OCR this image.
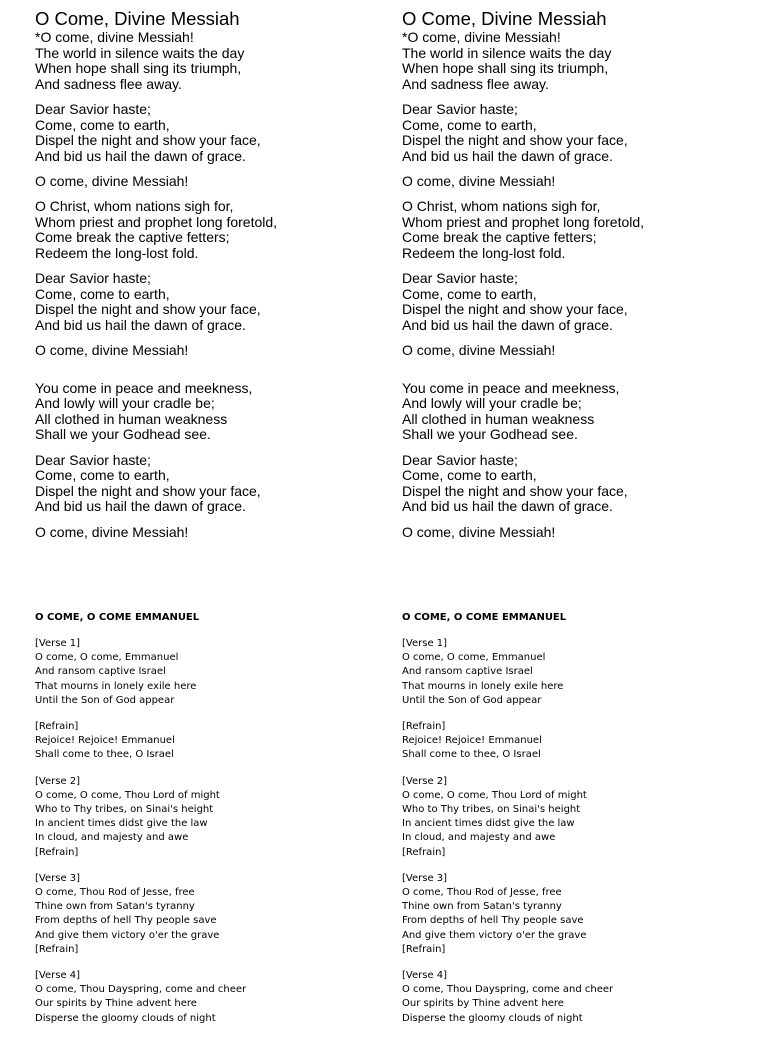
O Come, Divine Messiah
*O come, divine Messiah!
The world in silence waits the day
When hope shall sing its triumph,
And sadness flee away.
Dear Savior haste;
Come, come to earth,
Dispel the night and show your face,
And bid us hail the dawn of grace.
O come, divine Messiah!
O Christ, whom nations sigh for,
Whom priest and prophet long foretold,
Come break the captive fetters;
Redeem the long-lost fold.
Dear Savior haste;
Come, come to earth,
Dispel the night and show your face,
And bid us hail the dawn of grace.
O come, divine Messiah!
You come in peace and meekness,
And lowly will your cradle be;
All clothed in human weakness
Shall we your Godhead see.
Dear Savior haste;
Come, come to earth,
Dispel the night and show your face,
And bid us hail the dawn of grace.
O come, divine Messiah!
O COME, O COME EMMANUEL
[Verse 1]
O come, O come, Emmanuel
And ransom captive Israel
That mourns in lonely exile here
Until the Son of God appear
[Refrain]
Rejoice! Rejoice! Emmanuel
Shall come to thee, O Israel
[Verse 2]
O come, O come, Thou Lord of might
Who to Thy tribes, on Sinai's height
In ancient times didst give the law
In cloud, and majesty and awe
[Refrain]
[Verse 3]
O come, Thou Rod of Jesse, free
Thine own from Satan's tyranny
From depths of hell Thy people save
And give them victory o'er the grave
[Refrain]
[Verse 4]
O come, Thou Dayspring, come and cheer
Our spirits by Thine advent here
Disperse the gloomy clouds of night
O Come, Divine Messiah
*O come, divine Messiah!
The world in silence waits the day
When hope shall sing its triumph,
And sadness flee away.
Dear Savior haste;
Come, come to earth,
Dispel the night and show your face,
And bid us hail the dawn of grace.
O come, divine Messiah!
O Christ, whom nations sigh for,
Whom priest and prophet long foretold,
Come break the captive fetters;
Redeem the long-lost fold.
Dear Savior haste;
Come, come to earth,
Dispel the night and show your face,
And bid us hail the dawn of grace.
O come, divine Messiah!
You come in peace and meekness,
And lowly will your cradle be;
All clothed in human weakness
Shall we your Godhead see.
Dear Savior haste;
Come, come to earth,
Dispel the night and show your face,
And bid us hail the dawn of grace.
O come, divine Messiah!
O COME, O COME EMMANUEL
[Verse 1]
O come, O come, Emmanuel
And ransom captive Israel
That mourns in lonely exile here
Until the Son of God appear
[Refrain]
Rejoice! Rejoice! Emmanuel
Shall come to thee, O Israel
[Verse 2]
O come, O come, Thou Lord of might
Who to Thy tribes, on Sinai's height
In ancient times didst give the law
In cloud, and majesty and awe
[Refrain]
[Verse 3]
O come, Thou Rod of Jesse, free
Thine own from Satan's tyranny
From depths of hell Thy people save
And give them victory o'er the grave
[Refrain]
[Verse 4]
O come, Thou Dayspring, come and cheer
Our spirits by Thine advent here
Disperse the gloomy clouds of night
